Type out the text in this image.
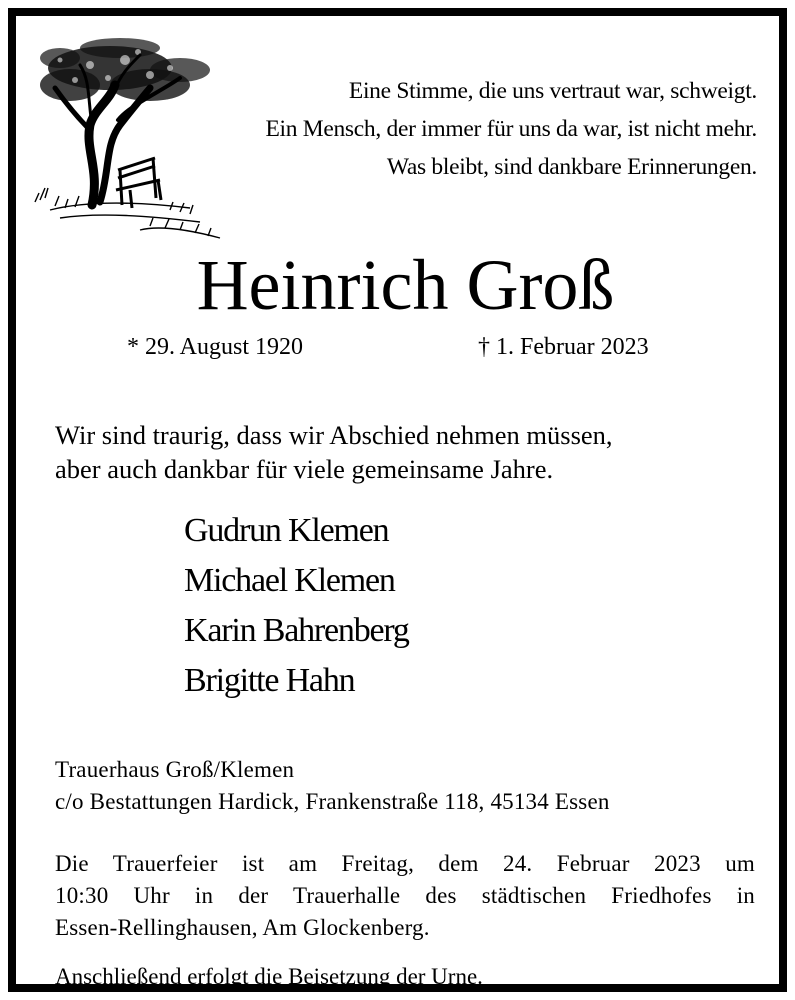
Eine Stimme, die uns vertraut war, schweigt.
Ein Mensch, der immer für uns da war, ist nicht mehr.
Was bleibt, sind dankbare Erinnerungen.
Heinrich Groß
* 29. August 1920	† 1. Februar 2023
Wir sind traurig, dass wir Abschied nehmen müssen,
aber auch dankbar für viele gemeinsame Jahre.
Gudrun Klemen
Michael Klemen
Karin Bahrenberg
Brigitte Hahn
Trauerhaus Groß/Klemen
c/o Bestattungen Hardick, Frankenstraße 118, 45134 Essen
Die Trauerfeier ist am Freitag, dem 24. Februar 2023 um
10:30 Uhr in der Trauerhalle des städtischen Friedhofes in
Essen-Rellinghausen, Am Glockenberg.
Anschließend erfolgt die Beisetzung der Urne.
